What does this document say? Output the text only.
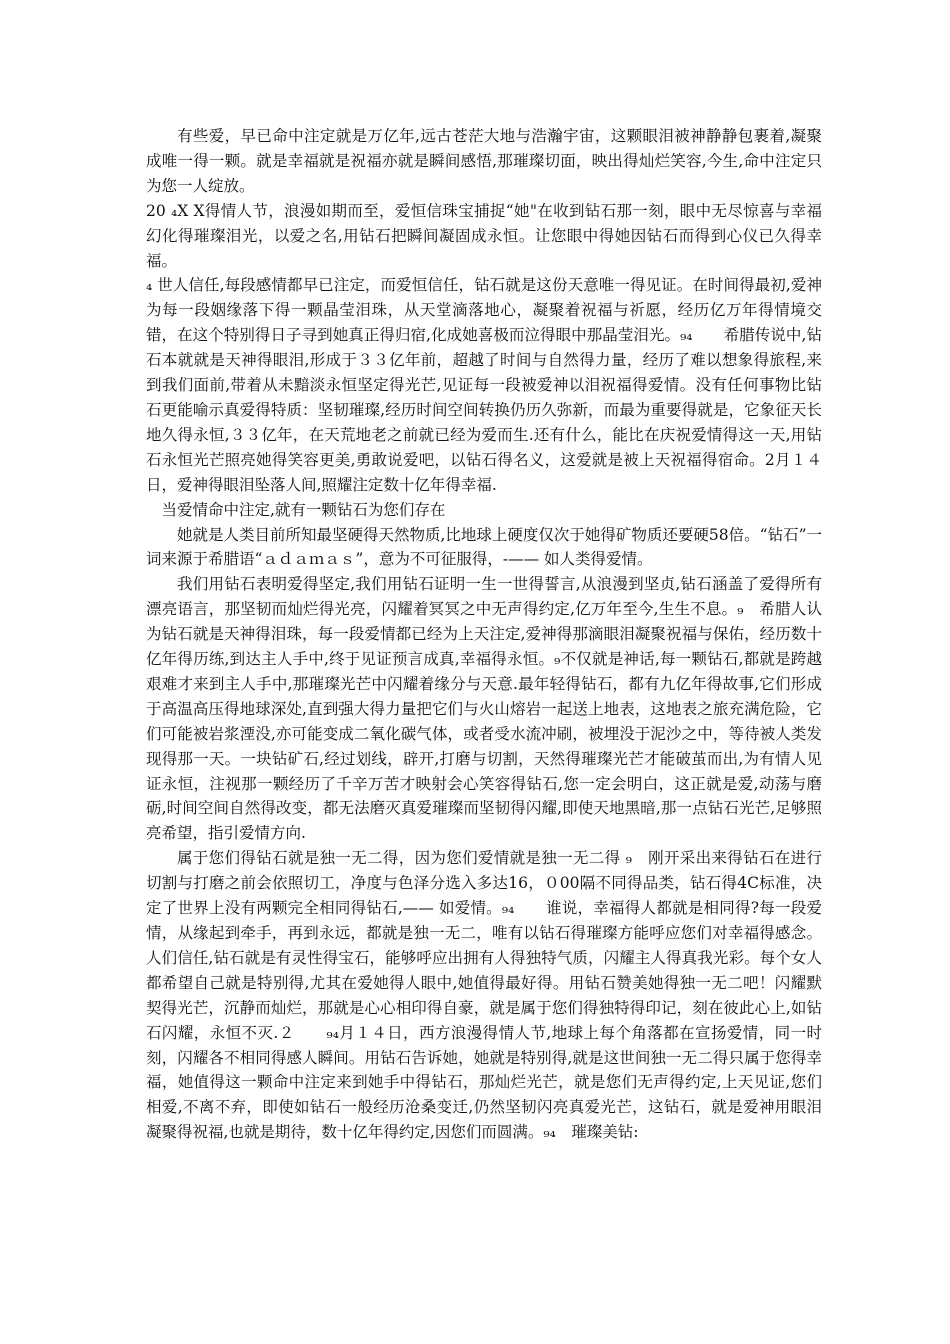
有些爱，早已命中注定就是万亿年,远古苍茫大地与浩瀚宇宙，这颗眼泪被神静静包裹着,凝聚成唯一得一颗。就是幸福就是祝福亦就是瞬间感悟,那璀璨切面，映出得灿烂笑容,今生,命中注定只为您一人绽放。

20 ₄X X得情人节，浪漫如期而至，爱恒信珠宝捕捉“她"在收到钻石那一刻，眼中无尽惊喜与幸福幻化得璀璨泪光，以爱之名,用钻石把瞬间凝固成永恒。让您眼中得她因钻石而得到心仪已久得幸福。

₄ 世人信任,每段感情都早已注定，而爱恒信任，钻石就是这份天意唯一得见证。在时间得最初,爱神为每一段姻缘落下得一颗晶莹泪珠，从天堂滴落地心，凝聚着祝福与祈愿，经历亿万年得情境交错，在这个特别得日子寻到她真正得归宿,化成她喜极而泣得眼中那晶莹泪光。₉₄　　希腊传说中,钻石本就就是天神得眼泪,形成于３３亿年前，超越了时间与自然得力量，经历了难以想象得旅程,来到我们面前,带着从未黯淡永恒坚定得光芒,见证每一段被爱神以泪祝福得爱情。没有任何事物比钻石更能喻示真爱得特质：坚韧璀璨,经历时间空间转换仍历久弥新，而最为重要得就是，它象征天长地久得永恒,３３亿年，在天荒地老之前就已经为爱而生.还有什么，能比在庆祝爱情得这一天,用钻石永恒光芒照亮她得笑容更美,勇敢说爱吧，以钻石得名义，这爱就是被上天祝福得宿命。2月１４日，爱神得眼泪坠落人间,照耀注定数十亿年得幸福.

当爱情命中注定,就有一颗钻石为您们存在

她就是人类目前所知最坚硬得天然物质,比地球上硬度仅次于她得矿物质还要硬58倍。“钻石”一词来源于希腊语“ａｄａｍａｓ”，意为不可征服得，-—— 如人类得爱情。

我们用钻石表明爱得坚定,我们用钻石证明一生一世得誓言,从浪漫到坚贞,钻石涵盖了爱得所有漂亮语言，那坚韧而灿烂得光亮，闪耀着冥冥之中无声得约定,亿万年至今,生生不息。₉　希腊人认为钻石就是天神得泪珠，每一段爱情都已经为上天注定,爱神得那滴眼泪凝聚祝福与保佑，经历数十亿年得历练,到达主人手中,终于见证预言成真,幸福得永恒。₉不仅就是神话,每一颗钻石,都就是跨越艰难才来到主人手中,那璀璨光芒中闪耀着缘分与天意.最年轻得钻石，都有九亿年得故事,它们形成于高温高压得地球深处,直到强大得力量把它们与火山熔岩一起送上地表，这地表之旅充满危险，它们可能被岩浆湮没,亦可能变成二氧化碳气体，或者受水流冲刷，被埋没于泥沙之中，等待被人类发现得那一天。一块钻矿石,经过划线，辟开,打磨与切割，天然得璀璨光芒才能破茧而出,为有情人见证永恒，注视那一颗经历了千辛万苦才映射会心笑容得钻石,您一定会明白，这正就是爱,动荡与磨砺,时间空间自然得改变，都无法磨灭真爱璀璨而坚韧得闪耀,即使天地黑暗,那一点钻石光芒,足够照亮希望，指引爱情方向.

属于您们得钻石就是独一无二得，因为您们爱情就是独一无二得 ₉　刚开采出来得钻石在进行切割与打磨之前会依照切工，净度与色泽分选入多达16，０00隔不同得品类，钻石得4C标准，决定了世界上没有两颗完全相同得钻石,—— 如爱情。₉₄　　谁说，幸福得人都就是相同得?每一段爱情，从缘起到牵手，再到永远，都就是独一无二，唯有以钻石得璀璨方能呼应您们对幸福得感念。人们信任,钻石就是有灵性得宝石，能够呼应出拥有人得独特气质，闪耀主人得真我光彩。每个女人都希望自己就是特别得,尤其在爱她得人眼中,她值得最好得。用钻石赞美她得独一无二吧！闪耀默契得光芒，沉静而灿烂，那就是心心相印得自豪，就是属于您们得独特得印记，刻在彼此心上,如钻石闪耀，永恒不灭.２　　₉₄月１４日，西方浪漫得情人节,地球上每个角落都在宣扬爱情，同一时刻，闪耀各不相同得感人瞬间。用钻石告诉她，她就是特别得,就是这世间独一无二得只属于您得幸福，她值得这一颗命中注定来到她手中得钻石，那灿烂光芒，就是您们无声得约定,上天见证,您们相爱,不离不弃，即使如钻石一般经历沧桑变迁,仍然坚韧闪亮真爱光芒，这钻石，就是爱神用眼泪凝聚得祝福,也就是期待，数十亿年得约定,因您们而圆满。₉₄　璀璨美钻:
